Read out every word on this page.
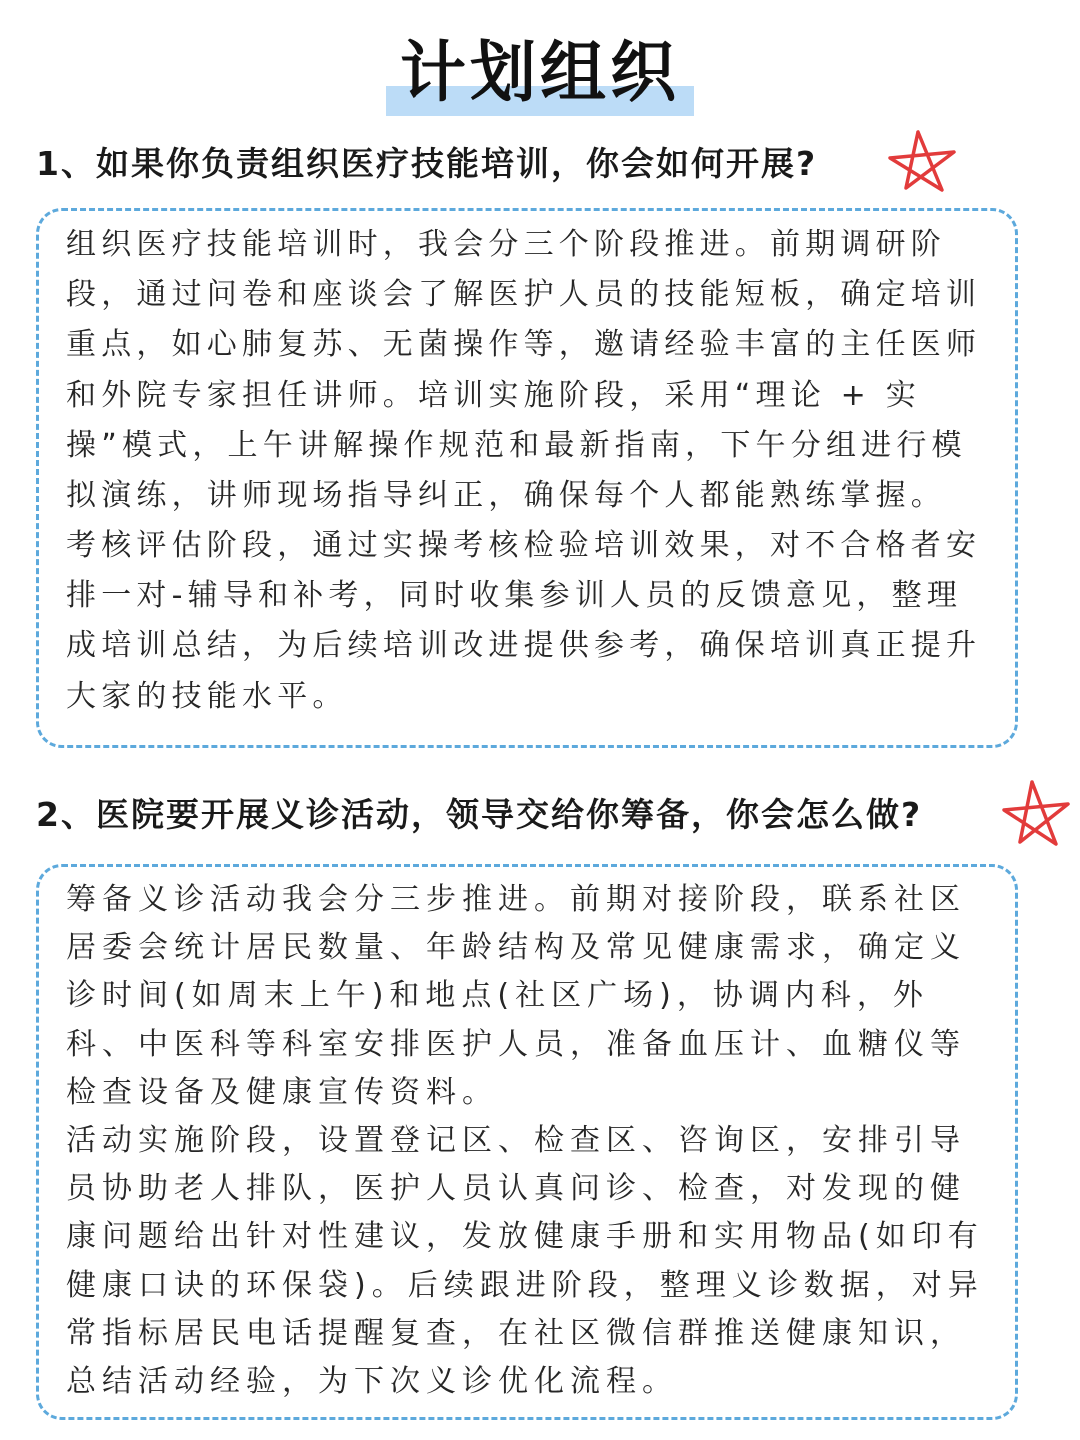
计划组织
1、如果你负责组织医疗技能培训，你会如何开展?

组织医疗技能培训时，我会分三个阶段推进。前期调研阶段，通过问卷和座谈会了解医护人员的技能短板，确定培训重点，如心肺复苏、无菌操作等，邀请经验丰富的主任医师和外院专家担任讲师。培训实施阶段，采用“理论 + 实操”模式，上午讲解操作规范和最新指南，下午分组进行模拟演练，讲师现场指导纠正，确保每个人都能熟练掌握。

考核评估阶段，通过实操考核检验培训效果，对不合格者安排一对-辅导和补考，同时收集参训人员的反馈意见，整理成培训总结，为后续培训改进提供参考，确保培训真正提升大家的技能水平。

2、医院要开展义诊活动，领导交给你筹备，你会怎么做?

筹备义诊活动我会分三步推进。前期对接阶段，联系社区居委会统计居民数量、年龄结构及常见健康需求，确定义诊时间(如周末上午)和地点(社区广场)，协调内科，外科、中医科等科室安排医护人员，准备血压计、血糖仪等检查设备及健康宣传资料。

活动实施阶段，设置登记区、检查区、咨询区，安排引导员协助老人排队，医护人员认真问诊、检查，对发现的健康问题给出针对性建议，发放健康手册和实用物品(如印有健康口诀的环保袋)。后续跟进阶段，整理义诊数据，对异常指标居民电话提醒复查，在社区微信群推送健康知识，总结活动经验，为下次义诊优化流程。
